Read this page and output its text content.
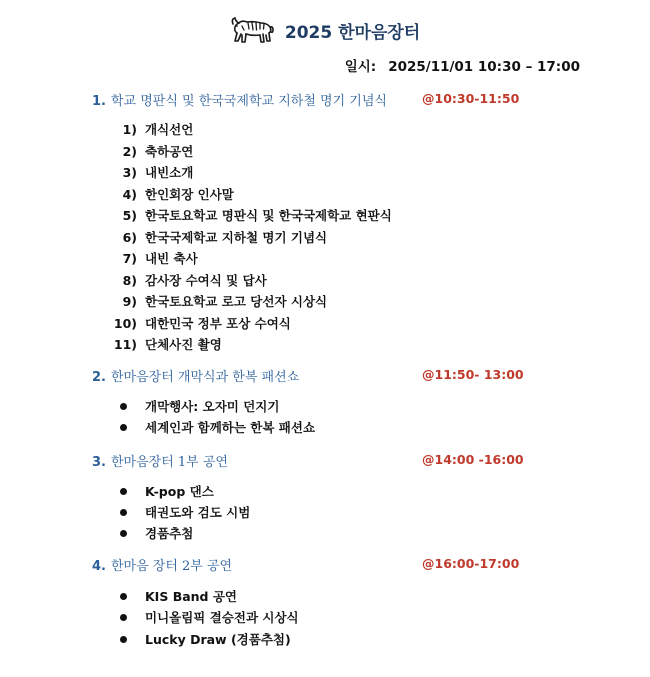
2025 한마음장터
일시: 2025/11/01 10:30 – 17:00
1. 학교 명판식 및 한국국제학교 지하철 명기 기념식	@10:30-11:50
1) 개식선언
2) 축하공연
3) 내빈소개
4) 한인회장 인사말
5) 한국토요학교 명판식 및 한국국제학교 현판식
6) 한국국제학교 지하철 명기 기념식
7) 내빈 축사
8) 감사장 수여식 및 답사
9) 한국토요학교 로고 당선자 시상식
10) 대한민국 정부 포상 수여식
11) 단체사진 촬영
2. 한마음장터 개막식과 한복 패션쇼	@11:50- 13:00
개막행사: 오자미 던지기
세계인과 함께하는 한복 패션쇼
3. 한마음장터 1부 공연	@14:00 -16:00
K-pop 댄스
태권도와 검도 시범
경품추첨
4. 한마음 장터 2부 공연	@16:00-17:00
KIS Band 공연
미니올림픽 결승전과 시상식
Lucky Draw (경품추첨)
